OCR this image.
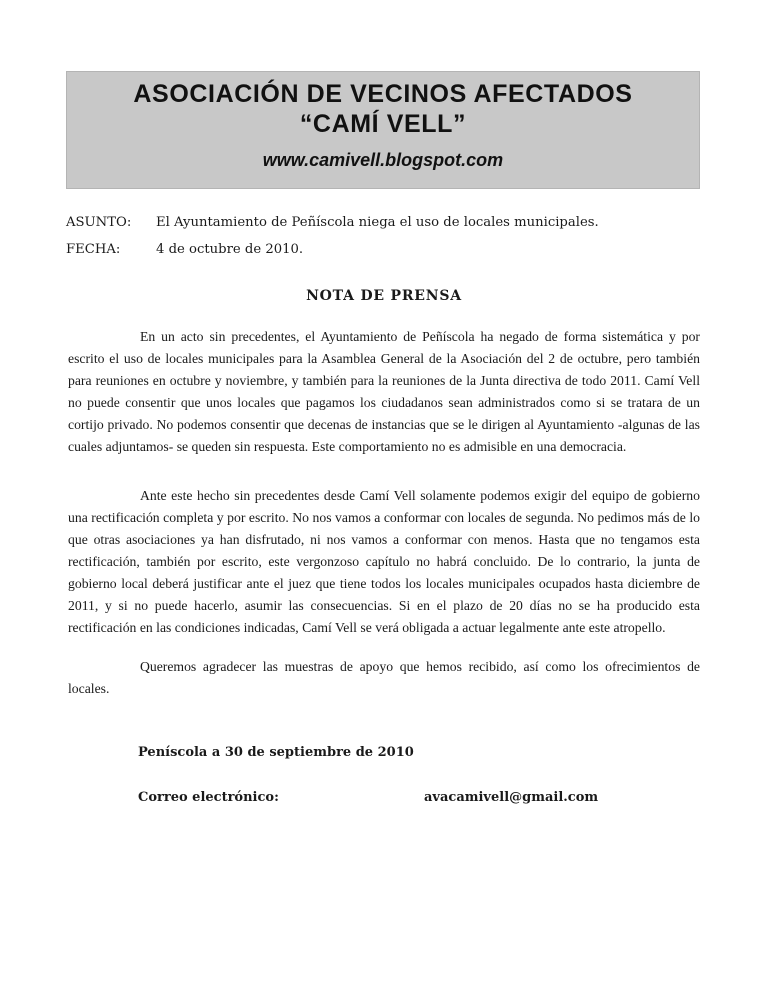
ASOCIACIÓN DE VECINOS AFECTADOS
“CAMÍ VELL”
www.camivell.blogspot.com
ASUNTO: El Ayuntamiento de Peñíscola niega el uso de locales municipales.
FECHA:	4 de octubre de 2010.
NOTA DE PRENSA

En un acto sin precedentes, el Ayuntamiento de Peñíscola ha negado de forma sistemática y por escrito el uso de locales municipales para la Asamblea General de la Asociación del 2 de octubre, pero también para reuniones en octubre y noviembre, y también para la reuniones de la Junta directiva de todo 2011. Camí Vell no puede consentir que unos locales que pagamos los ciudadanos sean administrados como si se tratara de un cortijo privado. No podemos consentir que decenas de instancias que se le dirigen al Ayuntamiento -algunas de las cuales adjuntamos- se queden sin respuesta. Este comportamiento no es admisible en una democracia.

Ante este hecho sin precedentes desde Camí Vell solamente podemos exigir del equipo de gobierno una rectificación completa y por escrito. No nos vamos a conformar con locales de segunda. No pedimos más de lo que otras asociaciones ya han disfrutado, ni nos vamos a conformar con menos. Hasta que no tengamos esta rectificación, también por escrito, este vergonzoso capítulo no habrá concluido. De lo contrario, la junta de gobierno local deberá justificar ante el juez que tiene todos los locales municipales ocupados hasta diciembre de 2011, y si no puede hacerlo, asumir las consecuencias. Si en el plazo de 20 días no se ha producido esta rectificación en las condiciones indicadas, Camí Vell se verá obligada a actuar legalmente ante este atropello.

Queremos agradecer las muestras de apoyo que hemos recibido, así como los ofrecimientos de locales.

Peníscola a 30 de septiembre de 2010
Correo electrónico:	avacamivell@gmail.com
